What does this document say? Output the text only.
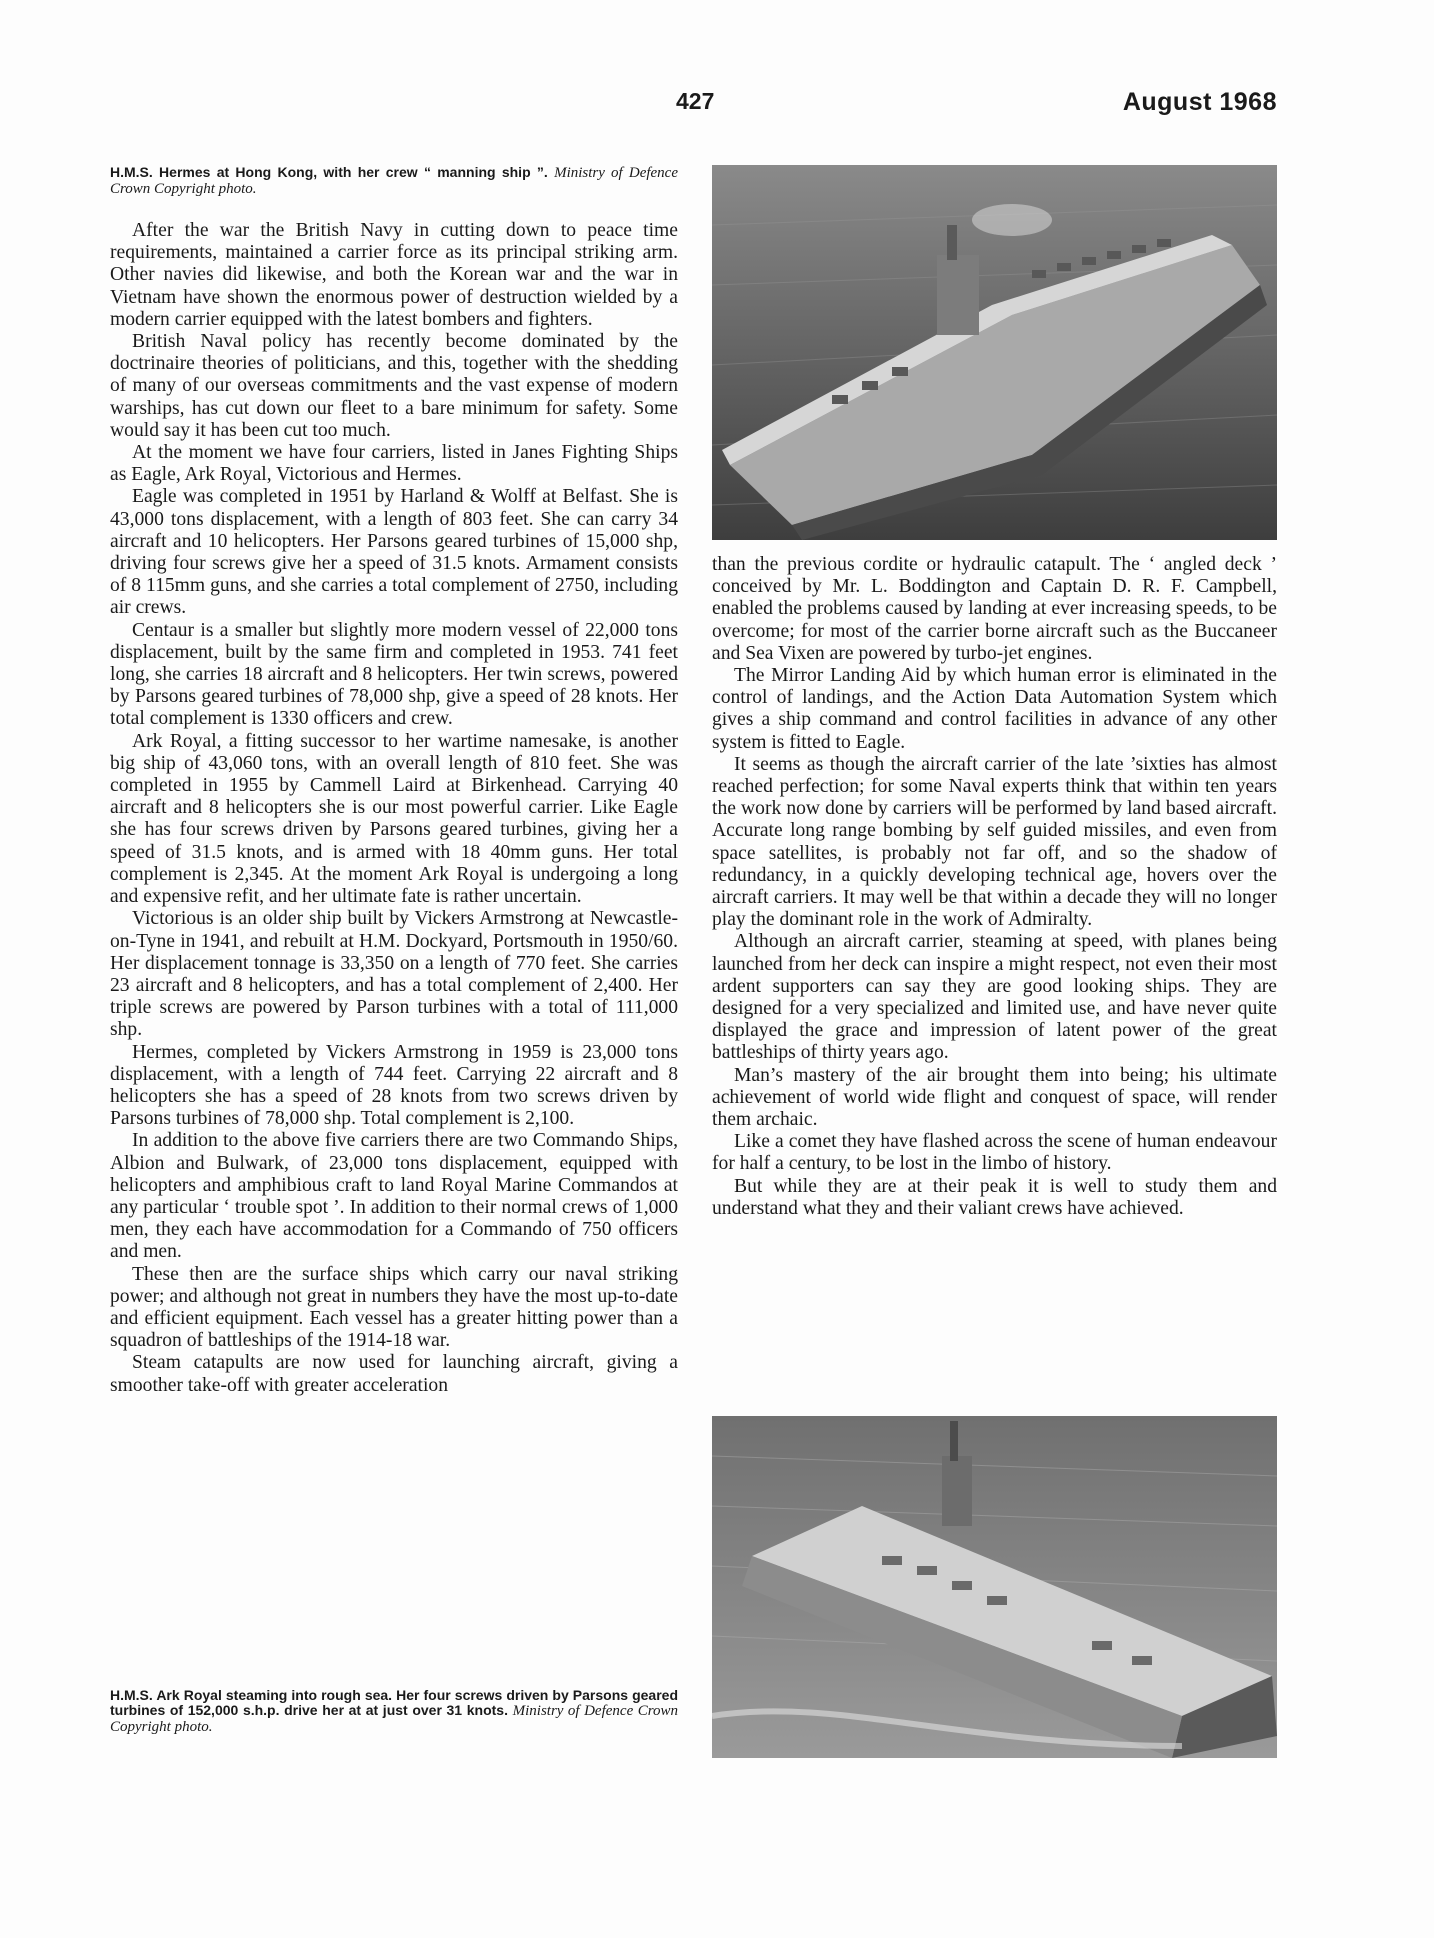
427	August 1968
H.M.S. Hermes at Hong Kong, with her crew “ manning ship ”. Ministry of Defence Crown Copyright photo.

After the war the British Navy in cutting down to peace time requirements, maintained a carrier force as its principal striking arm. Other navies did likewise, and both the Korean war and the war in Vietnam have shown the enormous power of destruction wielded by a modern carrier equipped with the latest bombers and fighters.

British Naval policy has recently become dominated by the doctrinaire theories of politicians, and this, together with the shedding of many of our overseas commitments and the vast expense of modern warships, has cut down our fleet to a bare minimum for safety. Some would say it has been cut too much.

At the moment we have four carriers, listed in Janes Fighting Ships as Eagle, Ark Royal, Victorious and Hermes.

Eagle was completed in 1951 by Harland & Wolff at Belfast. She is 43,000 tons displacement, with a length of 803 feet. She can carry 34 aircraft and 10 helicopters. Her Parsons geared turbines of 15,000 shp, driving four screws give her a speed of 31.5 knots. Armament consists of 8 115mm guns, and she carries a total complement of 2750, including air crews.

Centaur is a smaller but slightly more modern vessel of 22,000 tons displacement, built by the same firm and completed in 1953. 741 feet long, she carries 18 aircraft and 8 helicopters. Her twin screws, powered by Parsons geared turbines of 78,000 shp, give a speed of 28 knots. Her total complement is 1330 officers and crew.

Ark Royal, a fitting successor to her wartime namesake, is another big ship of 43,060 tons, with an overall length of 810 feet. She was completed in 1955 by Cammell Laird at Birkenhead. Carrying 40 aircraft and 8 helicopters she is our most powerful carrier. Like Eagle she has four screws driven by Parsons geared turbines, giving her a speed of 31.5 knots, and is armed with 18 40mm guns. Her total complement is 2,345. At the moment Ark Royal is undergoing a long and expensive refit, and her ultimate fate is rather uncertain.

Victorious is an older ship built by Vickers Armstrong at Newcastle-on-Tyne in 1941, and rebuilt at H.M. Dockyard, Portsmouth in 1950/60. Her displacement tonnage is 33,350 on a length of 770 feet. She carries 23 aircraft and 8 helicopters, and has a total complement of 2,400. Her triple screws are powered by Parson turbines with a total of 111,000 shp.

Hermes, completed by Vickers Armstrong in 1959 is 23,000 tons displacement, with a length of 744 feet. Carrying 22 aircraft and 8 helicopters she has a speed of 28 knots from two screws driven by Parsons turbines of 78,000 shp. Total complement is 2,100.

In addition to the above five carriers there are two Commando Ships, Albion and Bulwark, of 23,000 tons displacement, equipped with helicopters and amphibious craft to land Royal Marine Commandos at any particular ‘ trouble spot ’. In addition to their normal crews of 1,000 men, they each have accommodation for a Commando of 750 officers and men.

These then are the surface ships which carry our naval striking power; and although not great in numbers they have the most up-to-date and efficient equipment. Each vessel has a greater hitting power than a squadron of battleships of the 1914-18 war.

Steam catapults are now used for launching aircraft, giving a smoother take-off with greater acceleration

than the previous cordite or hydraulic catapult. The ‘ angled deck ’ conceived by Mr. L. Boddington and Captain D. R. F. Campbell, enabled the problems caused by landing at ever increasing speeds, to be overcome; for most of the carrier borne aircraft such as the Buccaneer and Sea Vixen are powered by turbo-jet engines.

The Mirror Landing Aid by which human error is eliminated in the control of landings, and the Action Data Automation System which gives a ship command and control facilities in advance of any other system is fitted to Eagle.

It seems as though the aircraft carrier of the late ’sixties has almost reached perfection; for some Naval experts think that within ten years the work now done by carriers will be performed by land based aircraft. Accurate long range bombing by self guided missiles, and even from space satellites, is probably not far off, and so the shadow of redundancy, in a quickly developing technical age, hovers over the aircraft carriers. It may well be that within a decade they will no longer play the dominant role in the work of Admiralty.

Although an aircraft carrier, steaming at speed, with planes being launched from her deck can inspire a might respect, not even their most ardent supporters can say they are good looking ships. They are designed for a very specialized and limited use, and have never quite displayed the grace and impression of latent power of the great battleships of thirty years ago.

Man’s mastery of the air brought them into being; his ultimate achievement of world wide flight and conquest of space, will render them archaic.

Like a comet they have flashed across the scene of human endeavour for half a century, to be lost in the limbo of history.

But while they are at their peak it is well to study them and understand what they and their valiant crews have achieved.

H.M.S. Ark Royal steaming into rough sea. Her four screws driven by Parsons geared turbines of 152,000 s.h.p. drive her at at just over 31 knots. Ministry of Defence Crown Copyright photo.
